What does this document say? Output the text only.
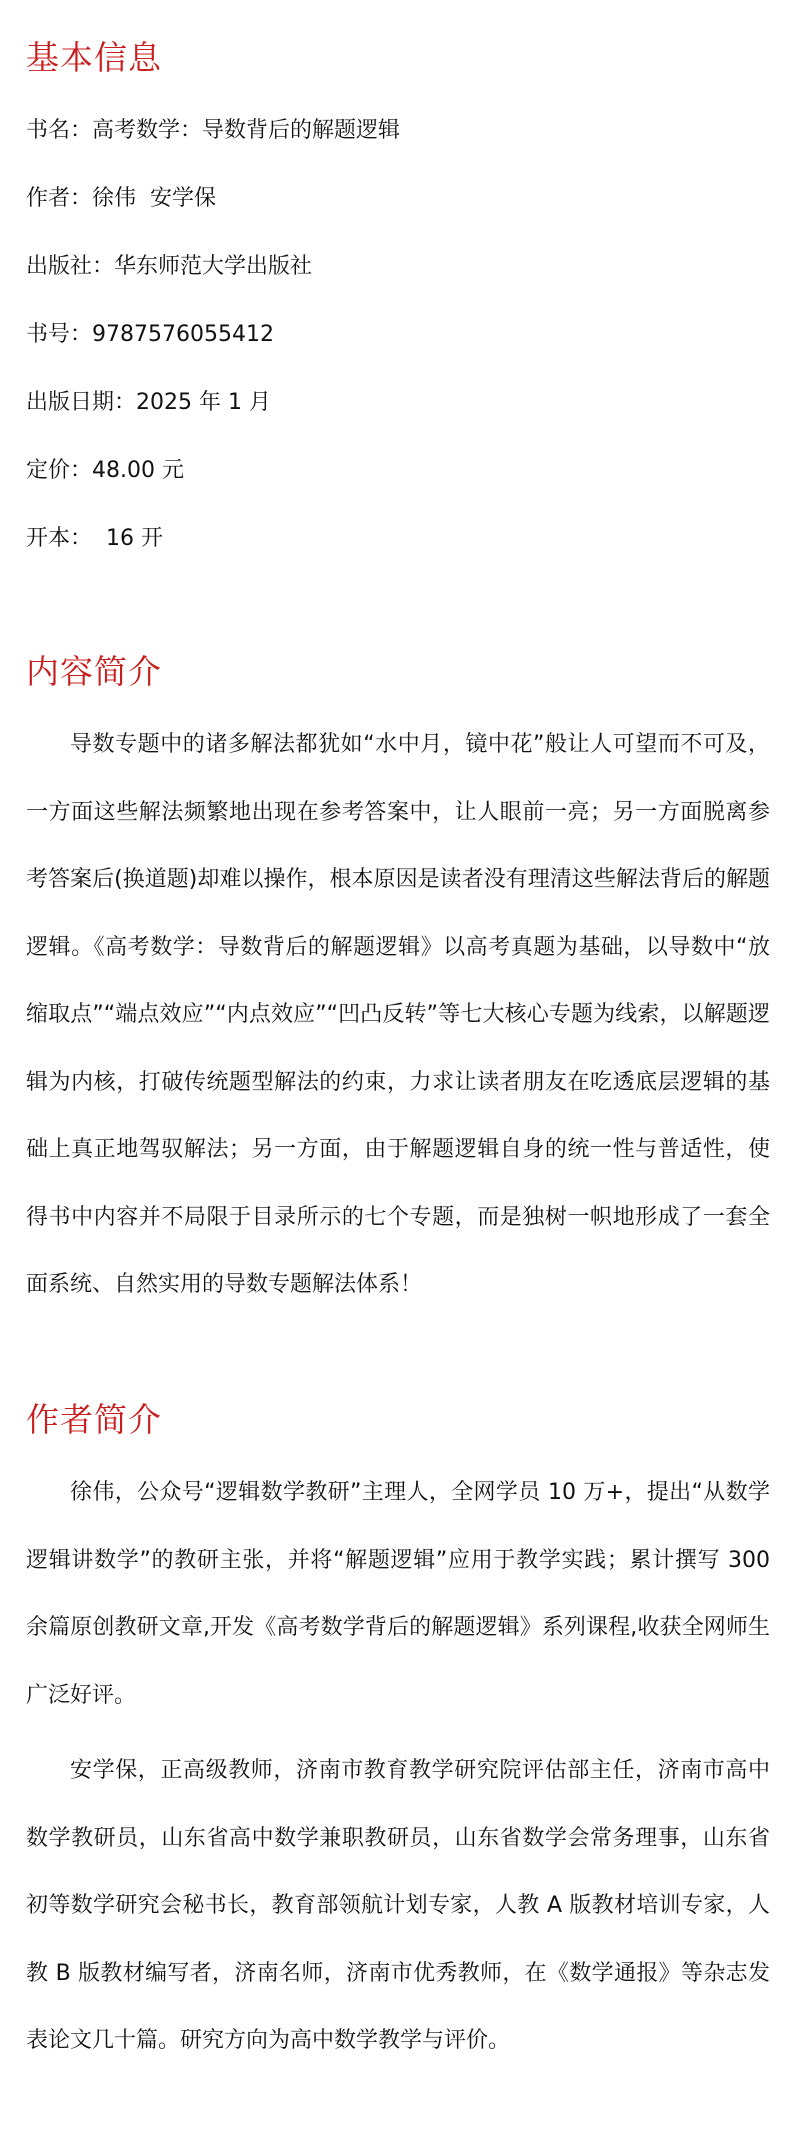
基本信息
书名：高考数学：导数背后的解题逻辑
作者：徐伟  安学保
出版社：华东师范大学出版社
书号：9787576055412
出版日期：2025 年 1 月
定价：48.00 元
开本：  16 开
内容简介

导数专题中的诸多解法都犹如“水中月，镜中花”般让人可望而不可及，一方面这些解法频繁地出现在参考答案中，让人眼前一亮；另一方面脱离参考答案后(换道题)却难以操作，根本原因是读者没有理清这些解法背后的解题逻辑。《高考数学：导数背后的解题逻辑》以高考真题为基础，以导数中“放缩取点”“端点效应”“内点效应”“凹凸反转”等七大核心专题为线索，以解题逻辑为内核，打破传统题型解法的约束，力求让读者朋友在吃透底层逻辑的基础上真正地驾驭解法；另一方面，由于解题逻辑自身的统一性与普适性，使得书中内容并不局限于目录所示的七个专题，而是独树一帜地形成了一套全面系统、自然实用的导数专题解法体系！

作者简介

徐伟，公众号“逻辑数学教研”主理人，全网学员 10 万+，提出“从数学逻辑讲数学”的教研主张，并将“解题逻辑”应用于教学实践；累计撰写 300 余篇原创教研文章,开发《高考数学背后的解题逻辑》系列课程,收获全网师生广泛好评。

安学保，正高级教师，济南市教育教学研究院评估部主任，济南市高中数学教研员，山东省高中数学兼职教研员，山东省数学会常务理事，山东省初等数学研究会秘书长，教育部领航计划专家，人教 A 版教材培训专家，人教 B 版教材编写者，济南名师，济南市优秀教师，在《数学通报》等杂志发表论文几十篇。研究方向为高中数学教学与评价。
